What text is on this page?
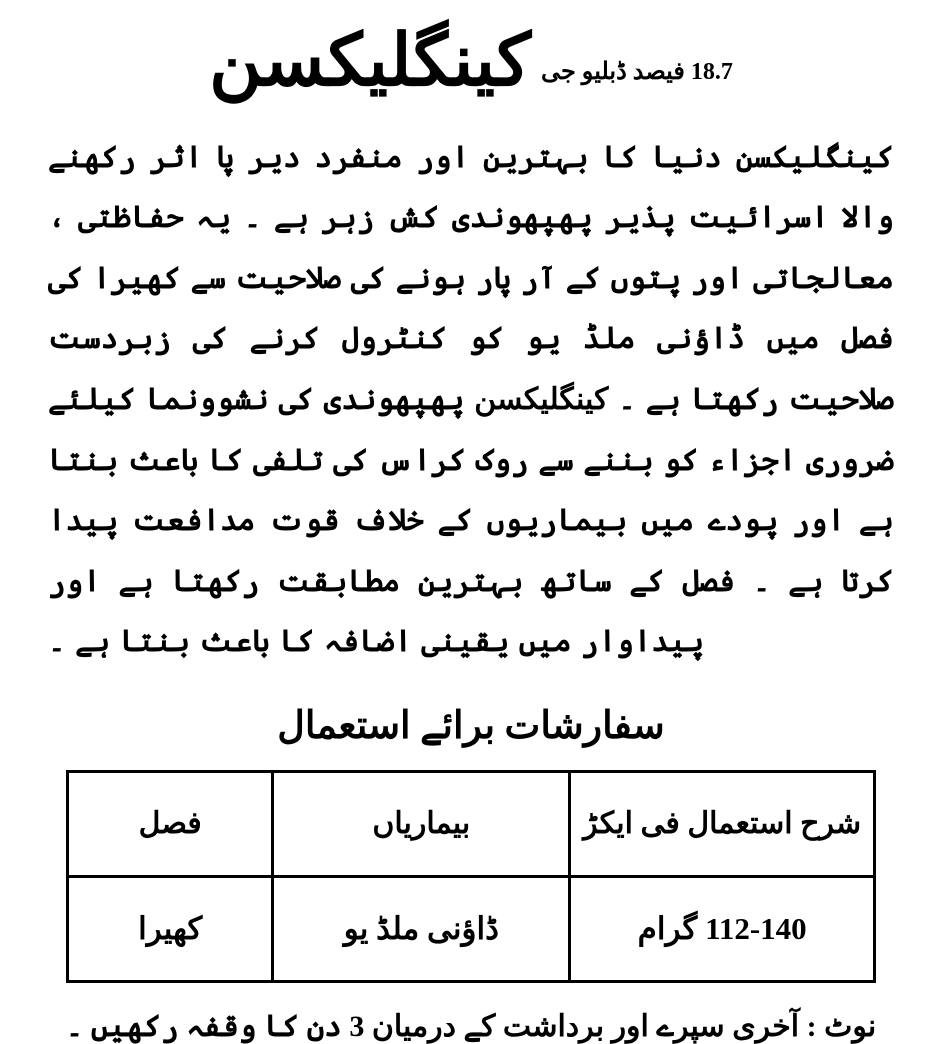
18.7 فیصد ڈبلیو جی
کینگلیکسن
کینگلیکسن دنیا کا بہترین اور منفرد دیر پا اثر رکھنے والا اسرائیت پذیر پھپھوندی کش زہر ہے ۔ یہ حفاظتی ، معالجاتی اور پتوں کے آر پار ہونے کی صلاحیت سے کھیرا کی فصل میں ڈاؤنی ملڈ یو کو کنٹرول کرنے کی زبردست صلاحیت رکھتا ہے ۔ کینگلیکسن پھپھوندی کی نشوونما کیلئے ضروری اجزاء کو بننے سے روک کراس کی تلفی کا باعث بنتا ہے اور پودے میں بیماریوں کے خلاف قوت مدافعت پیدا کرتا ہے ۔ فصل کے ساتھ بہترین مطابقت رکھتا ہے اور پیداوار میں یقینی اضافہ کا باعث بنتا ہے ۔
سفارشات برائے استعمال
شرح استعمال فی ایکڑ	بیماریاں	فصل
112-140 گرام	ڈاؤنی ملڈ یو	کھیرا
نوٹ : آخری سپرے اور برداشت کے درمیان 3 دن کا وقفہ رکھیں ۔
